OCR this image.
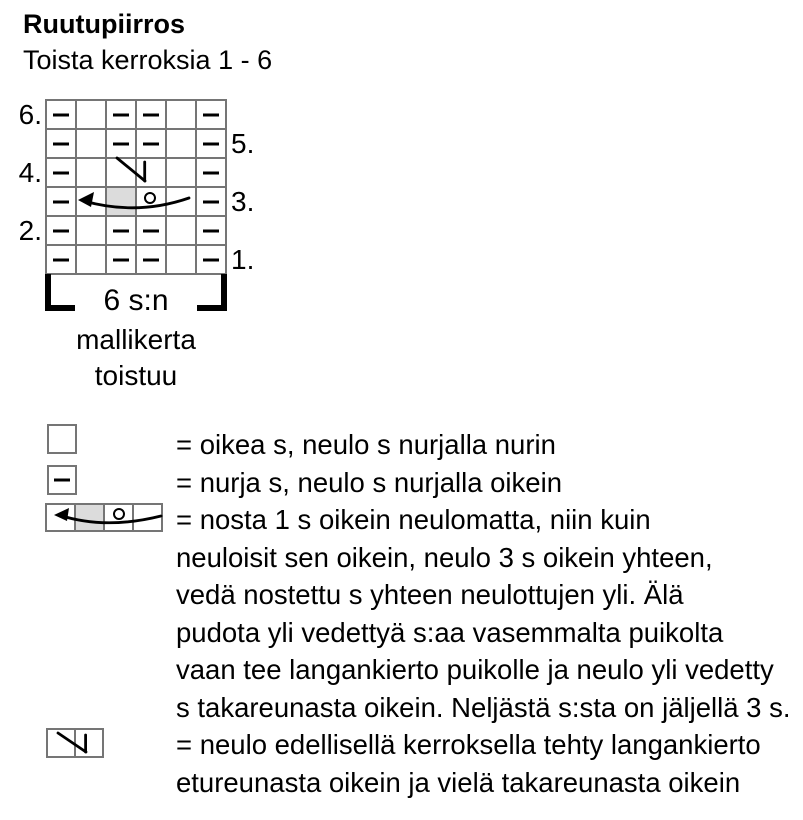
Ruutupiirros
Toista kerroksia 1 - 6
6.
5.
4.
3.
2.
1.
6 s:n
mallikerta
toistuu
= oikea s, neulo s nurjalla nurin
= nurja s, neulo s nurjalla oikein
= nosta 1 s oikein neulomatta, niin kuin
neuloisit sen oikein, neulo 3 s oikein yhteen,
vedä nostettu s yhteen neulottujen yli. Älä
pudota yli vedettyä s:aa vasemmalta puikolta
vaan tee langankierto puikolle ja neulo yli vedetty
s takareunasta oikein. Neljästä s:sta on jäljellä 3 s.
= neulo edellisellä kerroksella tehty langankierto
etureunasta oikein ja vielä takareunasta oikein
